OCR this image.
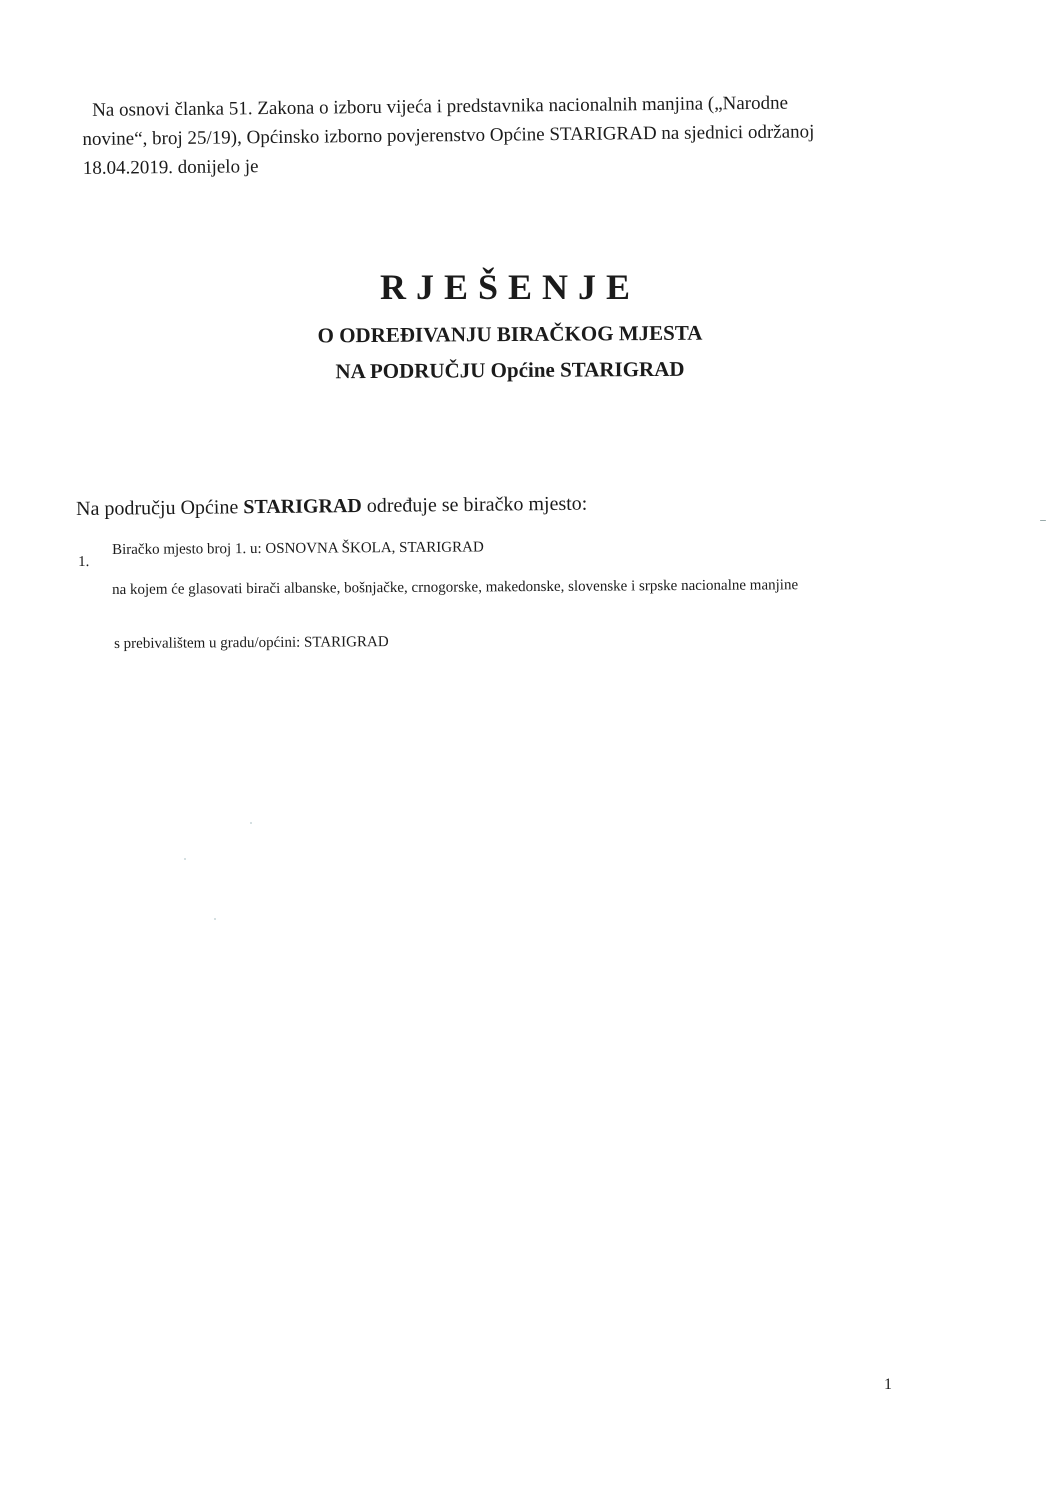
Na osnovi članka 51. Zakona o izboru vijeća i predstavnika nacionalnih manjina („Narodne
novine“, broj 25/19), Općinsko izborno povjerenstvo Općine STARIGRAD na sjednici održanoj
18.04.2019. donijelo je
RJEŠENJE
O ODREĐIVANJU BIRAČKOG MJESTA
NA PODRUČJU Općine STARIGRAD
Na području Općine STARIGRAD određuje se biračko mjesto:
1.
Biračko mjesto broj 1. u: OSNOVNA ŠKOLA, STARIGRAD
na kojem će glasovati birači albanske, bošnjačke, crnogorske, makedonske, slovenske i srpske nacionalne manjine
s prebivalištem u gradu/općini: STARIGRAD
1
